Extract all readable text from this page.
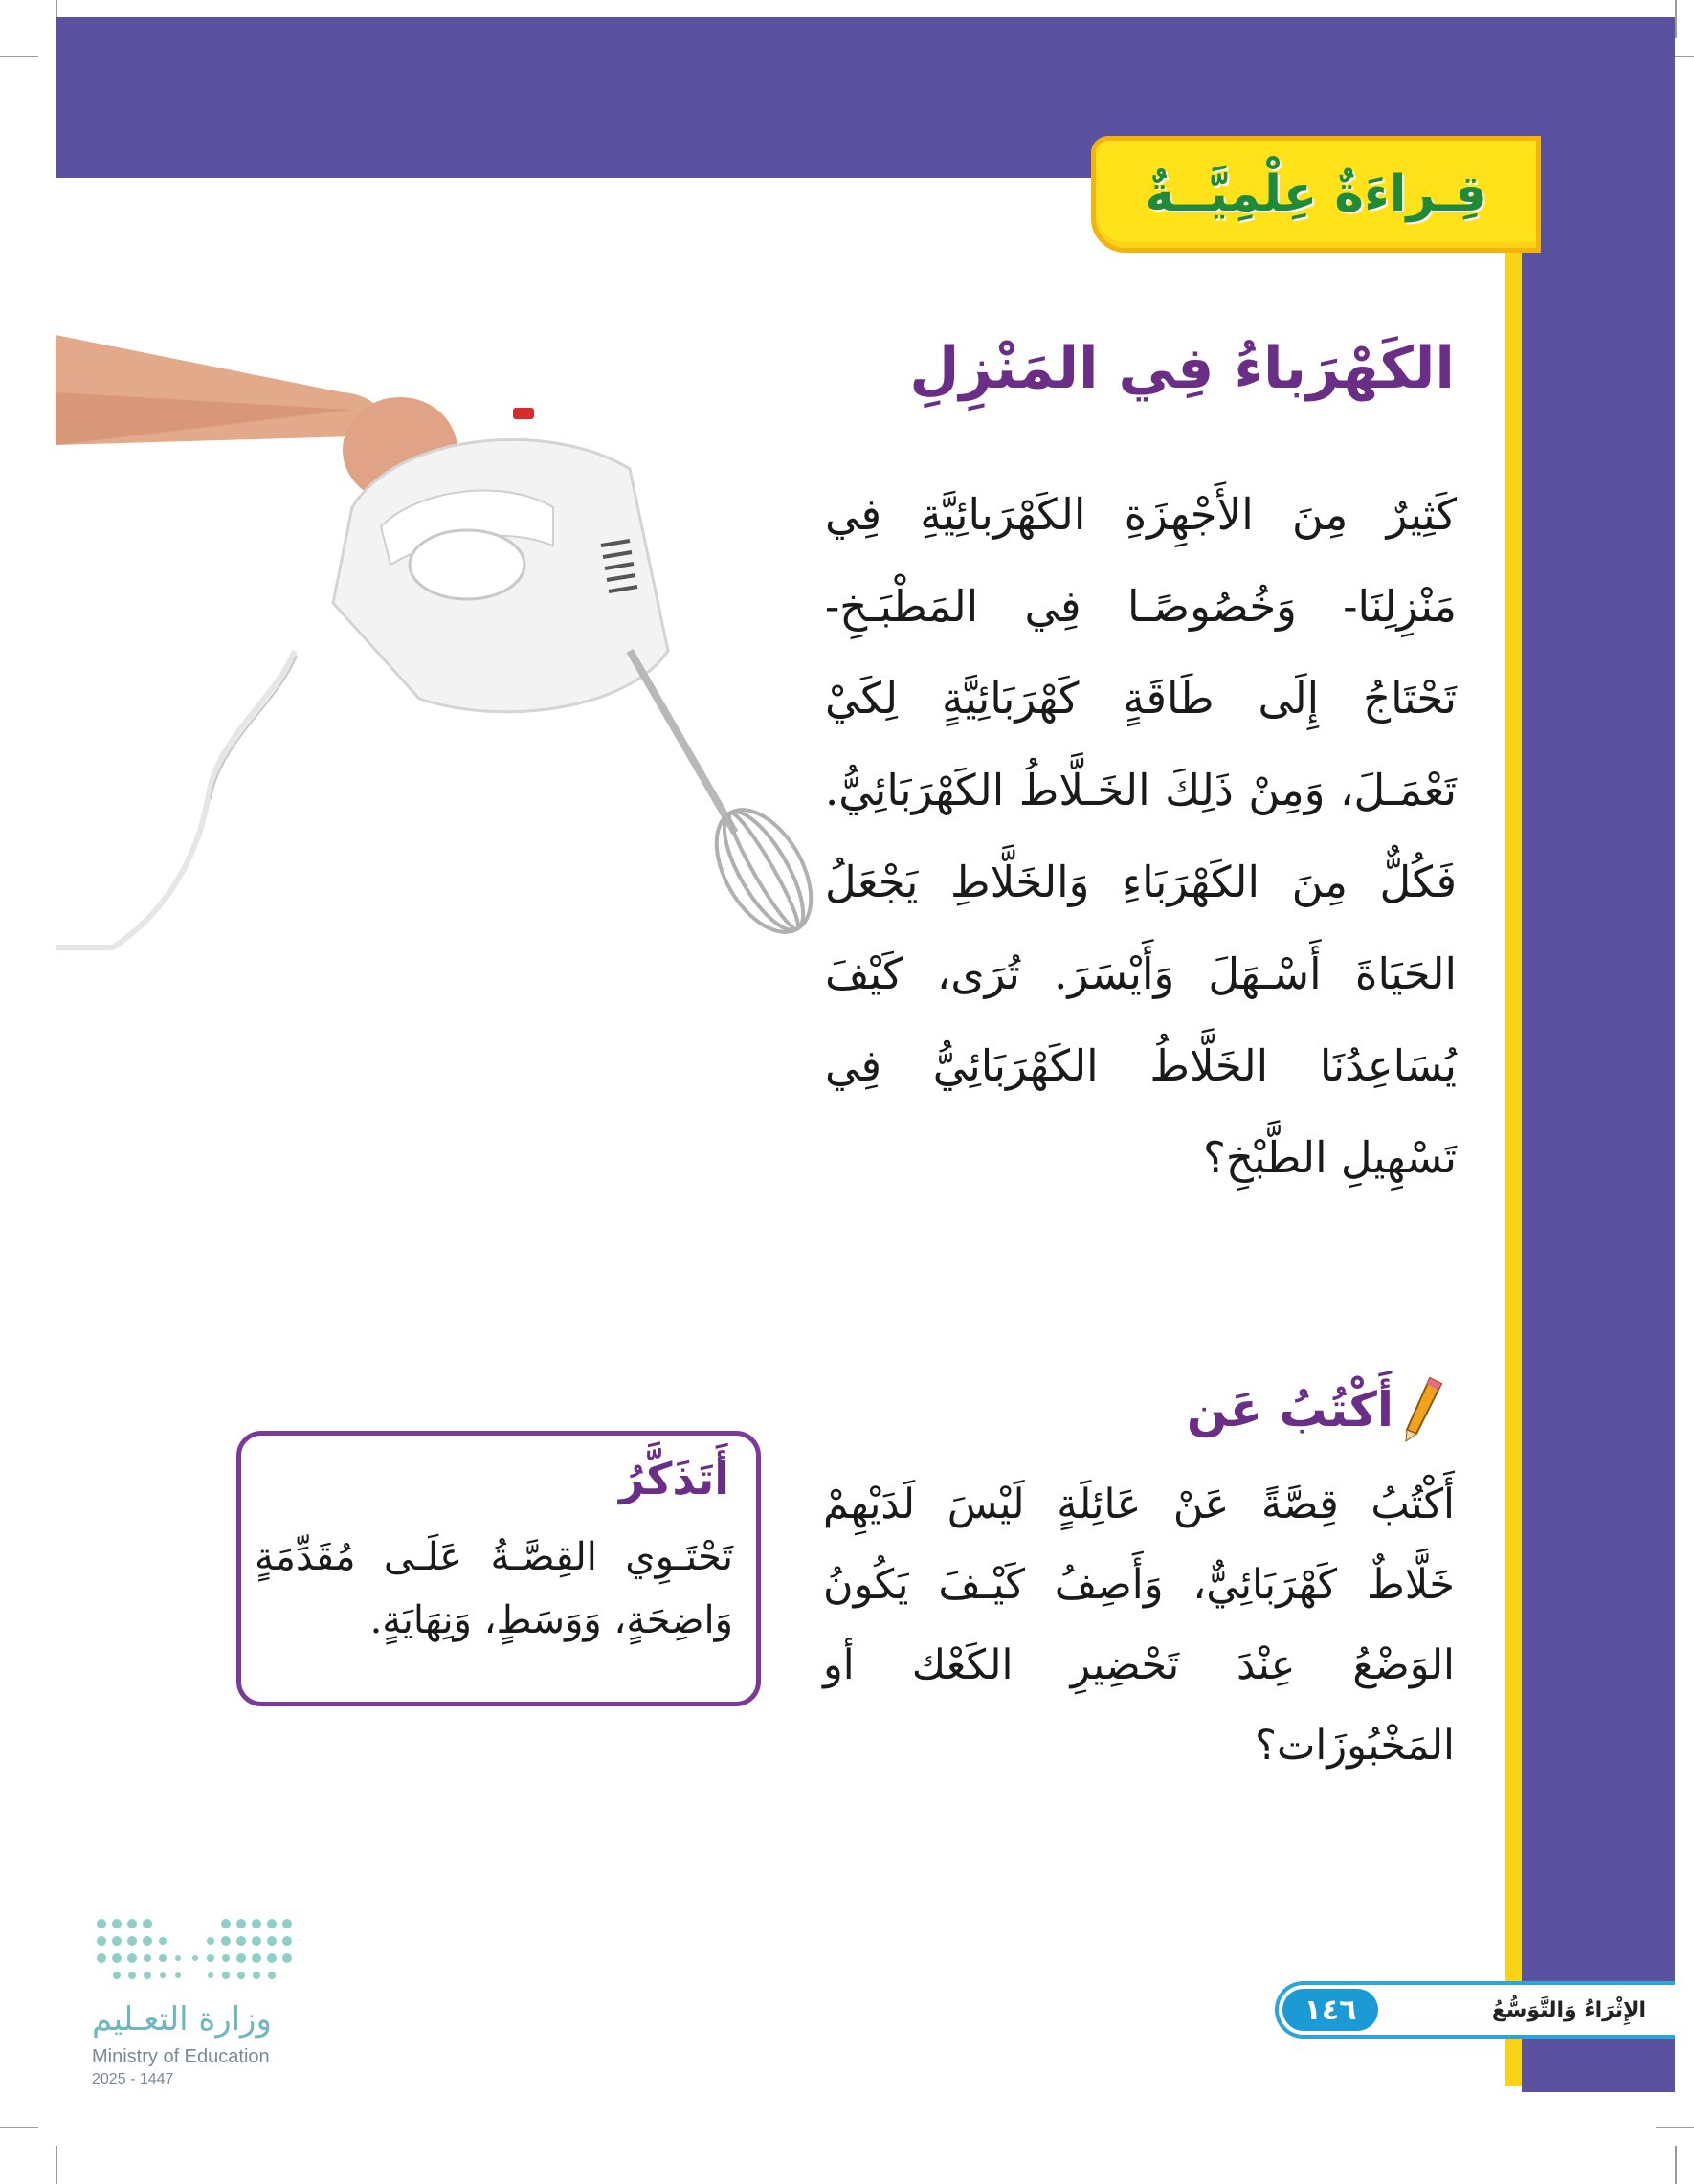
قِـراءَةٌ عِلْمِيَّــةٌ
الكَهْرَباءُ فِي المَنْزِلِ
كَثِيرٌ مِنَ الأَجْهِزَةِ الكَهْرَبائِيَّةِ فِي مَنْزِلِنَا- وَخُصُوصًـا فِي المَطْبَـخِ- تَحْتَاجُ إِلَى طَاقَةٍ كَهْرَبَائِيَّةٍ لِكَيْ تَعْمَـلَ، وَمِنْ ذَلِكَ الخَـلَّاطُ الكَهْرَبَائِيُّ. فَكُلٌّ مِنَ الكَهْرَبَاءِ وَالخَلَّاطِ يَجْعَلُ الحَيَاةَ أَسْـهَلَ وَأَيْسَرَ. تُرَى، كَيْفَ يُسَاعِدُنَا الخَلَّاطُ الكَهْرَبَائِيُّ فِي تَسْهِيلِ الطَّبْخِ؟
أَكْتُبُ عَن
أَكْتُبُ قِصَّةً عَنْ عَائِلَةٍ لَيْسَ لَدَيْهِمْ خَلَّاطٌ كَهْرَبَائِيٌّ، وَأَصِفُ كَيْـفَ يَكُونُ الوَضْعُ عِنْدَ تَحْضِيرِ الكَعْك أو المَخْبُوزَات؟
أَتَذَكَّرُ
تَحْتَـوِي القِصَّـةُ عَلَـى مُقَدِّمَةٍ وَاضِحَةٍ، وَوَسَطٍ، وَنِهَايَةٍ.
وزارة التعـليم
Ministry of Education
2025 - 1447
الإِثْرَاءُ وَالتَّوَسُّعُ
١٤٦
